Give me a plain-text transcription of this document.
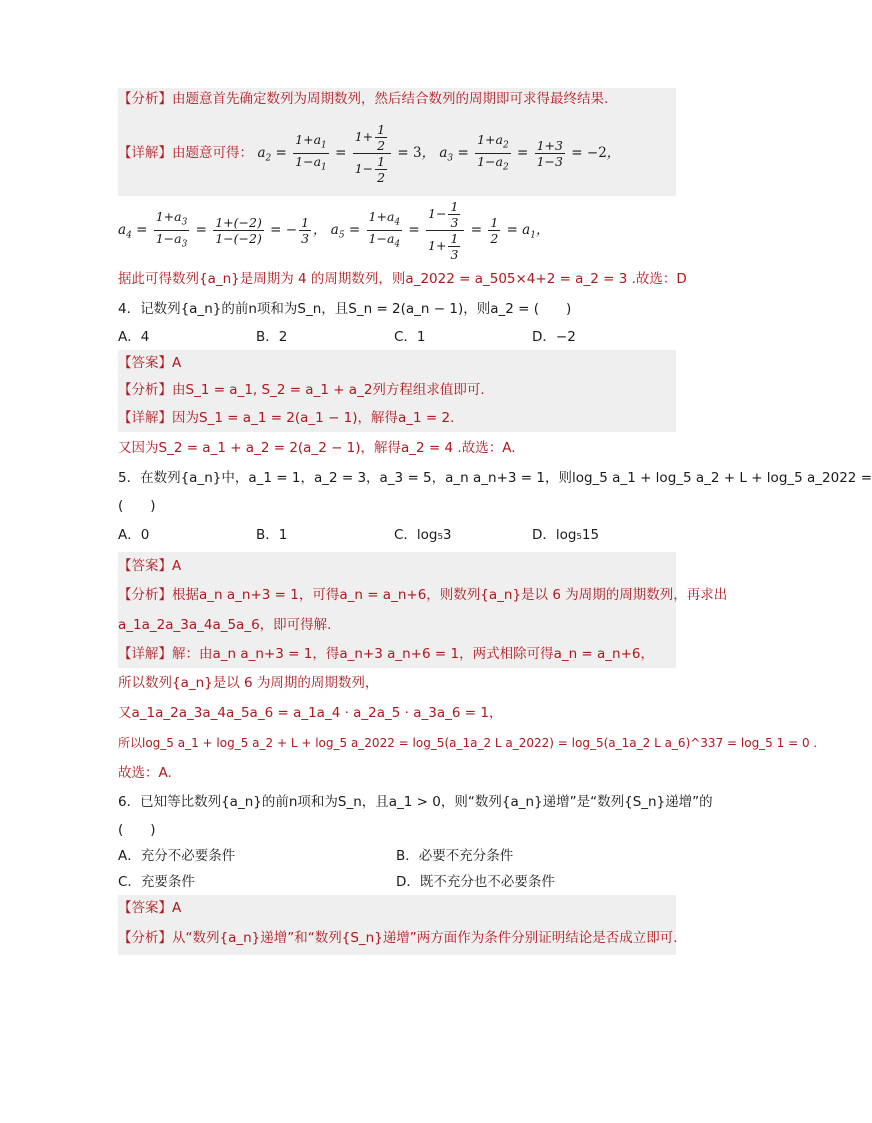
【分析】由题意首先确定数列为周期数列，然后结合数列的周期即可求得最终结果.
【详解】由题意可得： $a_2 = \frac{1+a_1}{1-a_1} = \frac{1+ \frac{1}{2}}{1- \frac{1}{2}} = 3$， $a_3 = \frac{1+a_2}{1-a_2} = \frac{1+3}{1-3} = -2$，
$a_4 = \frac{1+a_3}{1-a_3} = \frac{1+(-2)}{1-(-2)}$ = − $\frac{1}{3}$ ， $a_5 = \frac{1+a_4}{1-a_4} = \frac{1- \frac{1}{3}}{1+ \frac{1}{3}} = \frac{1}{2} = a_1$，
据此可得数列{a_n}是周期为 4 的周期数列，则a_2022 = a_505×4+2 = a_2 = 3 .故选：D
4．记数列{a_n}的前n项和为S_n，且S_n = 2(a_n − 1)，则a_2 = (　　)
A．4	B．2	C．1	D．−2
【答案】A
【分析】由S_1 = a_1, S_2 = a_1 + a_2列方程组求值即可.
【详解】因为S_1 = a_1 = 2(a_1 − 1)，解得a_1 = 2.
又因为S_2 = a_1 + a_2 = 2(a_2 − 1)，解得a_2 = 4 .故选：A.
5．在数列{a_n}中，a_1 = 1，a_2 = 3，a_3 = 5，a_n a_n+3 = 1，则log_5 a_1 + log_5 a_2 + L + log_5 a_2022 =
(　　)
A．0	B．1	C．log₅3	D．log₅15
【答案】A
【分析】根据a_n a_n+3 = 1，可得a_n = a_n+6，则数列{a_n}是以 6 为周期的周期数列，再求出
a_1a_2a_3a_4a_5a_6，即可得解.
【详解】解：由a_n a_n+3 = 1，得a_n+3 a_n+6 = 1，两式相除可得a_n = a_n+6，
所以数列{a_n}是以 6 为周期的周期数列，
又a_1a_2a_3a_4a_5a_6 = a_1a_4 · a_2a_5 · a_3a_6 = 1，
所以log_5 a_1 + log_5 a_2 + L + log_5 a_2022 = log_5(a_1a_2 L a_2022) = log_5(a_1a_2 L a_6)^337 = log_5 1 = 0 .
故选：A.
6．已知等比数列{a_n}的前n项和为S_n，且a_1 > 0，则“数列{a_n}递增”是“数列{S_n}递增”的
(　　)
A．充分不必要条件	B．必要不充分条件
C．充要条件	D．既不充分也不必要条件
【答案】A
【分析】从“数列{a_n}递增”和“数列{S_n}递增”两方面作为条件分别证明结论是否成立即可.
